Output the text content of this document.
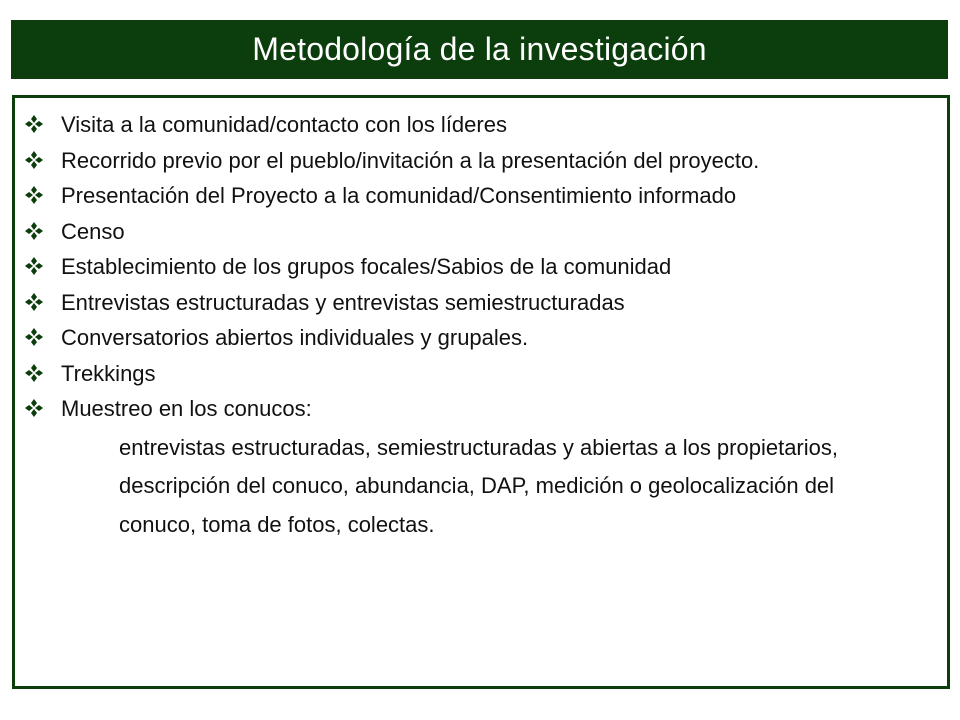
Metodología de la investigación
Visita a la comunidad/contacto con los líderes
Recorrido previo por el pueblo/invitación a la presentación del proyecto.
Presentación del Proyecto a la comunidad/Consentimiento informado
Censo
Establecimiento de los grupos focales/Sabios de la comunidad
Entrevistas estructuradas y entrevistas semiestructuradas
Conversatorios abiertos individuales y grupales.
Trekkings
Muestreo en los conucos:
entrevistas estructuradas, semiestructuradas y abiertas a los propietarios, descripción del conuco, abundancia, DAP, medición o geolocalización del conuco, toma de fotos, colectas.
